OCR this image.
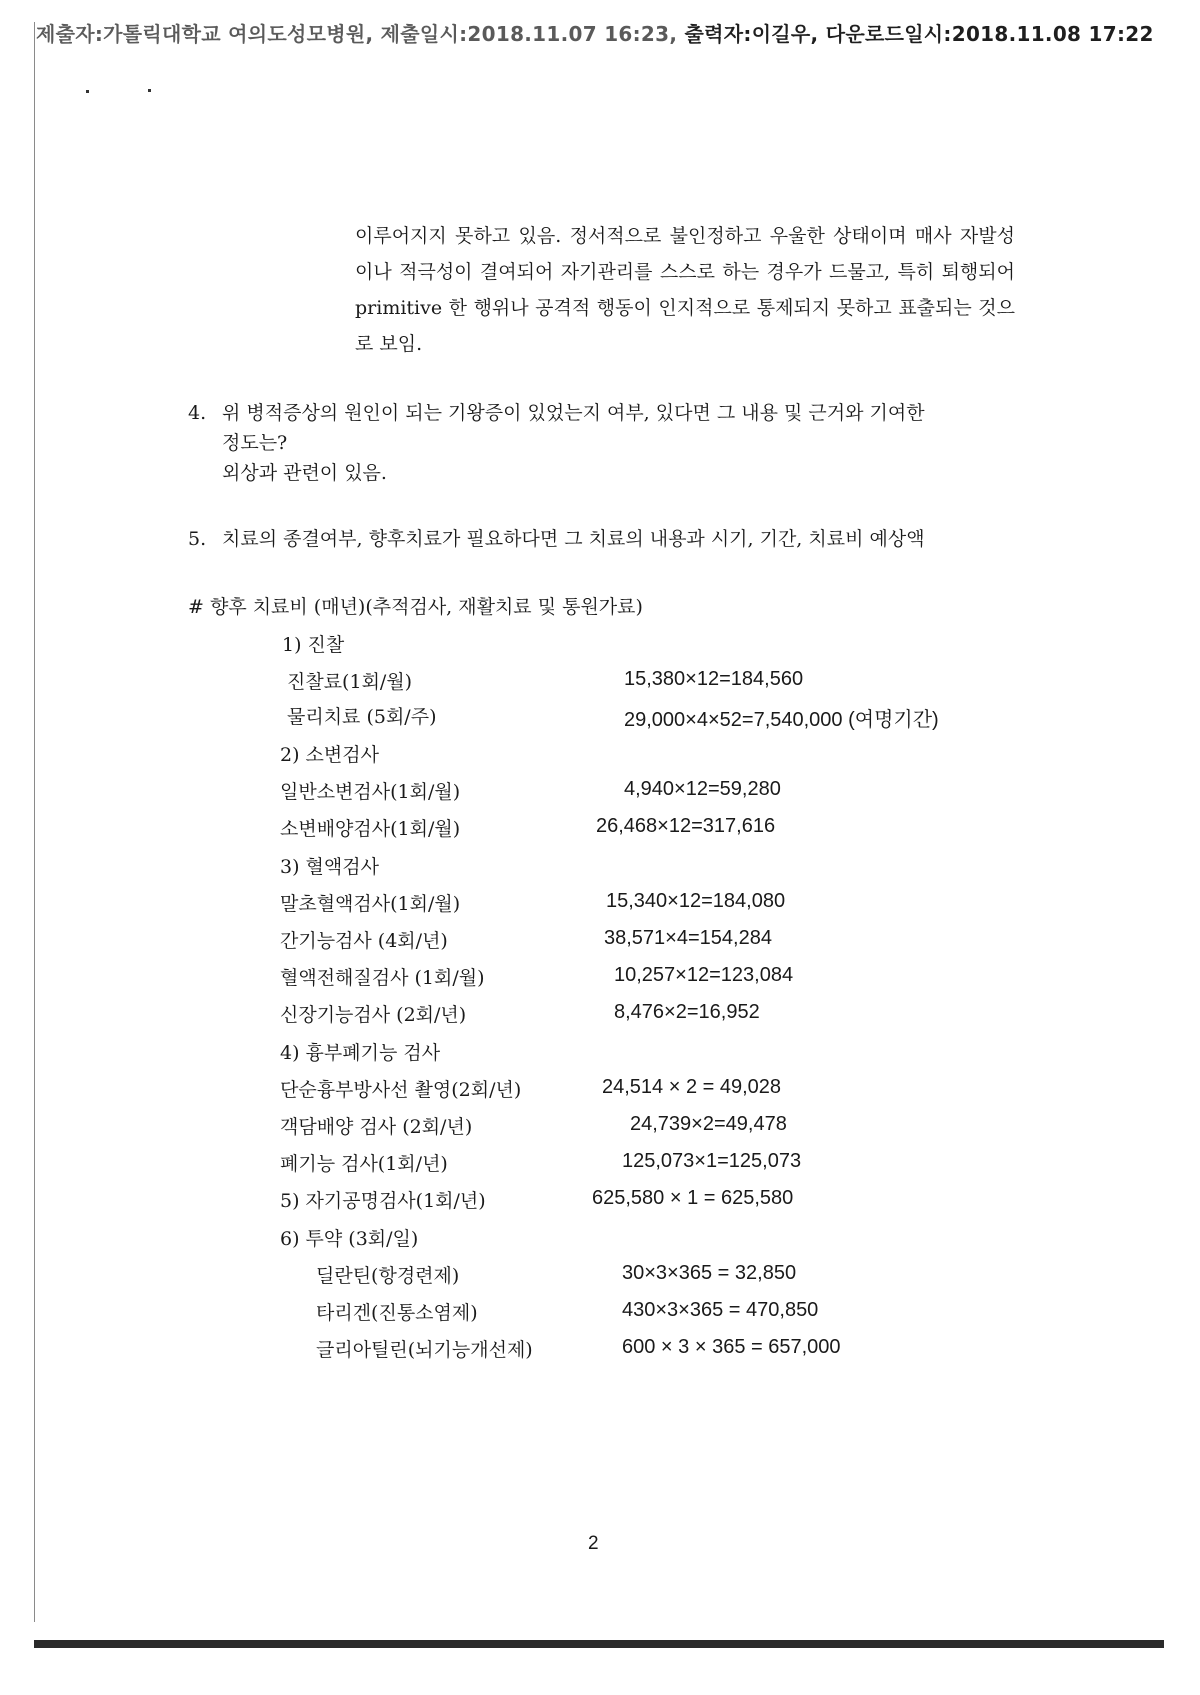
제출자:가톨릭대학교 여의도성모병원, 제출일시:2018.11.07 16:23, 출력자:이길우, 다운로드일시:2018.11.08 17:22
이루어지지 못하고 있음. 정서적으로 불인정하고 우울한 상태이며 매사 자발성이나 적극성이 결여되어 자기관리를 스스로 하는 경우가 드물고, 특히 퇴행되어 primitive 한 행위나 공격적 행동이 인지적으로 통제되지 못하고 표출되는 것으로 보임.
4. 위 병적증상의 원인이 되는 기왕증이 있었는지 여부, 있다면 그 내용 및 근거와 기여한
정도는?
외상과 관련이 있음.
5. 치료의 종결여부, 향후치료가 필요하다면 그 치료의 내용과 시기, 기간, 치료비 예상액
# 향후 치료비 (매년)(추적검사, 재활치료 및 통원가료)
1) 진찰
진찰료(1회/월)	15,380×12=184,560
물리치료 (5회/주)	29,000×4×52=7,540,000 (여명기간)
2) 소변검사
일반소변검사(1회/월)	4,940×12=59,280
소변배양검사(1회/월)	26,468×12=317,616
3) 혈액검사
말초혈액검사(1회/월)	15,340×12=184,080
간기능검사 (4회/년)	38,571×4=154,284
혈액전해질검사 (1회/월)	10,257×12=123,084
신장기능검사 (2회/년)	8,476×2=16,952
4) 흉부폐기능 검사
단순흉부방사선 촬영(2회/년)	24,514 × 2 = 49,028
객담배양 검사 (2회/년)	24,739×2=49,478
폐기능 검사(1회/년)	125,073×1=125,073
5) 자기공명검사(1회/년)	625,580 × 1 = 625,580
6) 투약 (3회/일)
딜란틴(항경련제)	30×3×365 = 32,850
타리겐(진통소염제)	430×3×365 = 470,850
글리아틸린(뇌기능개선제)	600 × 3 × 365 = 657,000
2
